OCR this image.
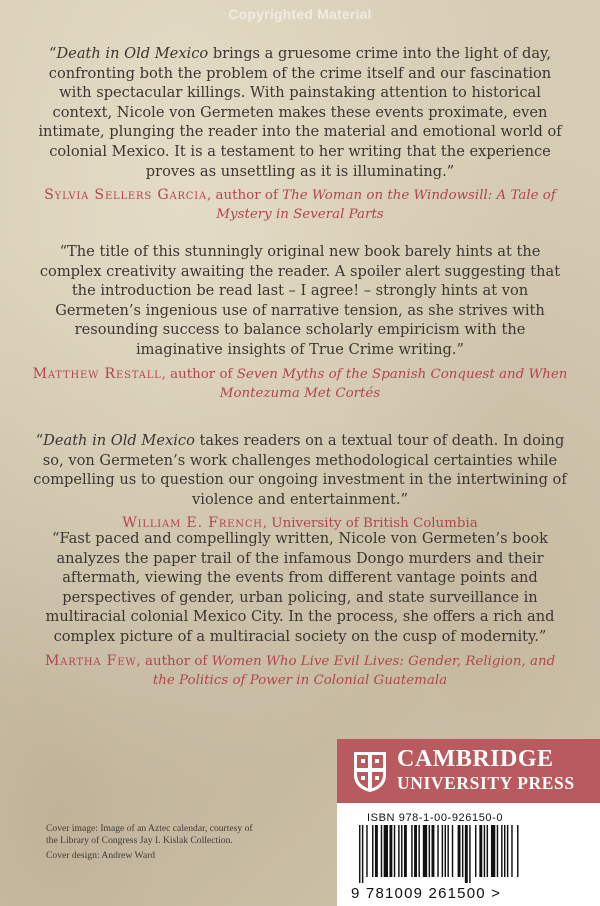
Copyrighted Material
“Death in Old Mexico brings a gruesome crime into the light of day, confronting both the problem of the crime itself and our fascination with spectacular killings. With painstaking attention to historical context, Nicole von Germeten makes these events proximate, even intimate, plunging the reader into the material and emotional world of colonial Mexico. It is a testament to her writing that the experience proves as unsettling as it is illuminating.”
Sylvia Sellers Garcia, author of The Woman on the Windowsill: A Tale of Mystery in Several Parts
“The title of this stunningly original new book barely hints at the complex creativity awaiting the reader. A spoiler alert suggesting that the introduction be read last – I agree! – strongly hints at von Germeten’s ingenious use of narrative tension, as she strives with resounding success to balance scholarly empiricism with the imaginative insights of True Crime writing.”
Matthew Restall, author of Seven Myths of the Spanish Conquest and When Montezuma Met Cortés
“Death in Old Mexico takes readers on a textual tour of death. In doing so, von Germeten’s work challenges methodological certainties while compelling us to question our ongoing investment in the intertwining of violence and entertainment.”
William E. French, University of British Columbia
“Fast paced and compellingly written, Nicole von Germeten’s book analyzes the paper trail of the infamous Dongo murders and their aftermath, viewing the events from different vantage points and perspectives of gender, urban policing, and state surveillance in multiracial colonial Mexico City. In the process, she offers a rich and complex picture of a multiracial society on the cusp of modernity.”
Martha Few, author of Women Who Live Evil Lives: Gender, Religion, and the Politics of Power in Colonial Guatemala
CAMBRIDGE
UNIVERSITY PRESS
ISBN 978-1-00-926150-0
9 781009 261500 >
Cover image: Image of an Aztec calendar, courtesy of the Library of Congress Jay I. Kislak Collection.
Cover design: Andrew Ward
